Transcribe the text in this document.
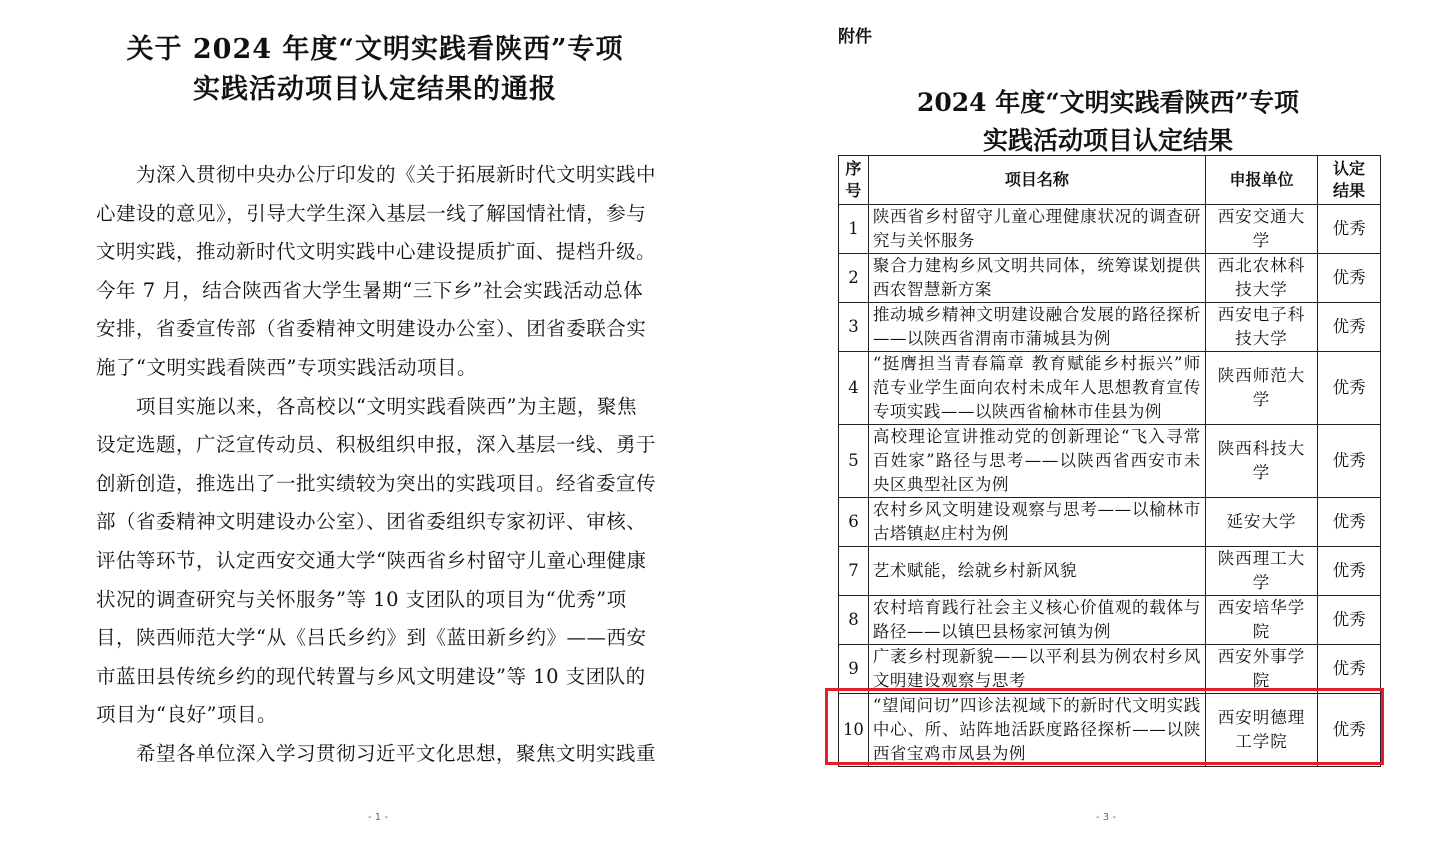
关于 2024 年度“文明实践看陕西”专项
实践活动项目认定结果的通报
为深入贯彻中央办公厅印发的《关于拓展新时代文明实践中
心建设的意见》，引导大学生深入基层一线了解国情社情，参与
文明实践，推动新时代文明实践中心建设提质扩面、提档升级。
今年 7 月，结合陕西省大学生暑期“三下乡”社会实践活动总体
安排，省委宣传部（省委精神文明建设办公室）、团省委联合实
施了“文明实践看陕西”专项实践活动项目。
项目实施以来，各高校以“文明实践看陕西”为主题，聚焦
设定选题，广泛宣传动员、积极组织申报，深入基层一线、勇于
创新创造，推选出了一批实绩较为突出的实践项目。经省委宣传
部（省委精神文明建设办公室）、团省委组织专家初评、审核、
评估等环节，认定西安交通大学“陕西省乡村留守儿童心理健康
状况的调查研究与关怀服务”等 10 支团队的项目为“优秀”项
目，陕西师范大学“从《吕氏乡约》到《蓝田新乡约》——西安
市蓝田县传统乡约的现代转置与乡风文明建设”等 10 支团队的
项目为“良好”项目。
希望各单位深入学习贯彻习近平文化思想，聚焦文明实践重
- 1 -
附件
2024 年度“文明实践看陕西”专项
实践活动项目认定结果
序
号	项目名称	申报单位	认定
结果

1	陕西省乡村留守儿童心理健康状况的调查研究与关怀服务	西安交通大学	优秀
2	聚合力建构乡风文明共同体，统筹谋划提供西农智慧新方案	西北农林科技大学	优秀
3	推动城乡精神文明建设融合发展的路径探析——以陕西省渭南市蒲城县为例	西安电子科技大学	优秀
4	“挺膺担当青春篇章 教育赋能乡村振兴”师范专业学生面向农村未成年人思想教育宣传专项实践——以陕西省榆林市佳县为例	陕西师范大学	优秀
5	高校理论宣讲推动党的创新理论“飞入寻常百姓家”路径与思考——以陕西省西安市未央区典型社区为例	陕西科技大学	优秀
6	农村乡风文明建设观察与思考——以榆林市古塔镇赵庄村为例	延安大学	优秀
7	艺术赋能，绘就乡村新风貌	陕西理工大学	优秀
8	农村培育践行社会主义核心价值观的载体与路径——以镇巴县杨家河镇为例	西安培华学院	优秀
9	广袤乡村现新貌——以平利县为例农村乡风文明建设观察与思考	西安外事学院	优秀
10	“望闻问切”四诊法视域下的新时代文明实践中心、所、站阵地活跃度路径探析——以陕西省宝鸡市凤县为例	西安明德理工学院	优秀
- 3 -
